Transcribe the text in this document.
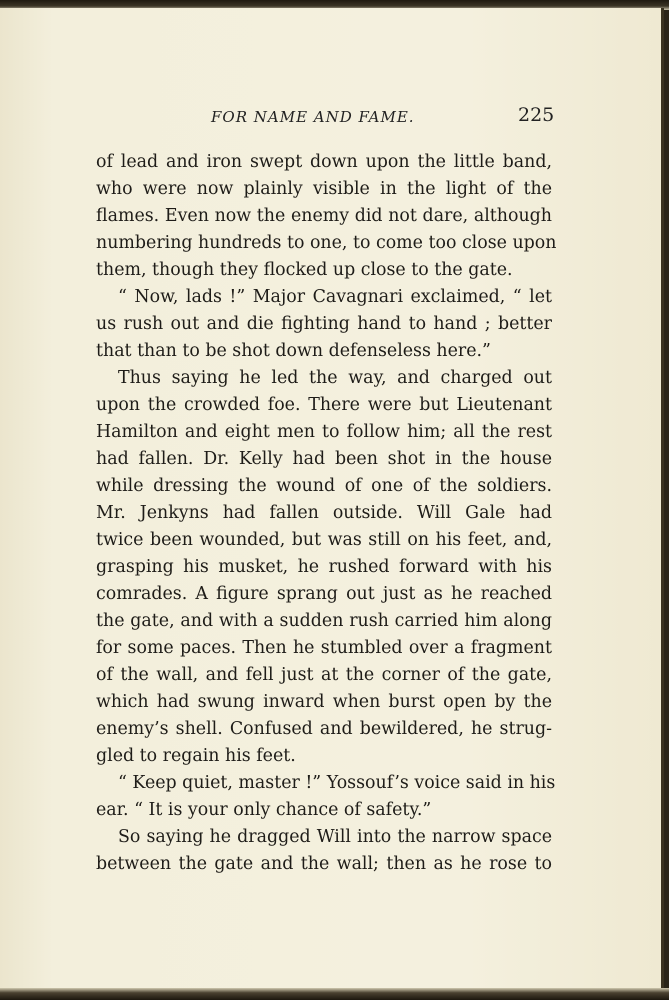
FOR NAME AND FAME.	225
of lead and iron swept down upon the little band,
who were now plainly visible in the light of the
flames. Even now the enemy did not dare, although
numbering hundreds to one, to come too close upon
them, though they flocked up close to the gate.
“ Now, lads !” Major Cavagnari exclaimed, “ let
us rush out and die fighting hand to hand ; better
that than to be shot down defenseless here.”
Thus saying he led the way, and charged out
upon the crowded foe. There were but Lieutenant
Hamilton and eight men to follow him; all the rest
had fallen. Dr. Kelly had been shot in the house
while dressing the wound of one of the soldiers.
Mr. Jenkyns had fallen outside. Will Gale had
twice been wounded, but was still on his feet, and,
grasping his musket, he rushed forward with his
comrades. A figure sprang out just as he reached
the gate, and with a sudden rush carried him along
for some paces. Then he stumbled over a fragment
of the wall, and fell just at the corner of the gate,
which had swung inward when burst open by the
enemy’s shell. Confused and bewildered, he strug-
gled to regain his feet.
“ Keep quiet, master !” Yossouf’s voice said in his
ear. “ It is your only chance of safety.”
So saying he dragged Will into the narrow space
between the gate and the wall; then as he rose to
